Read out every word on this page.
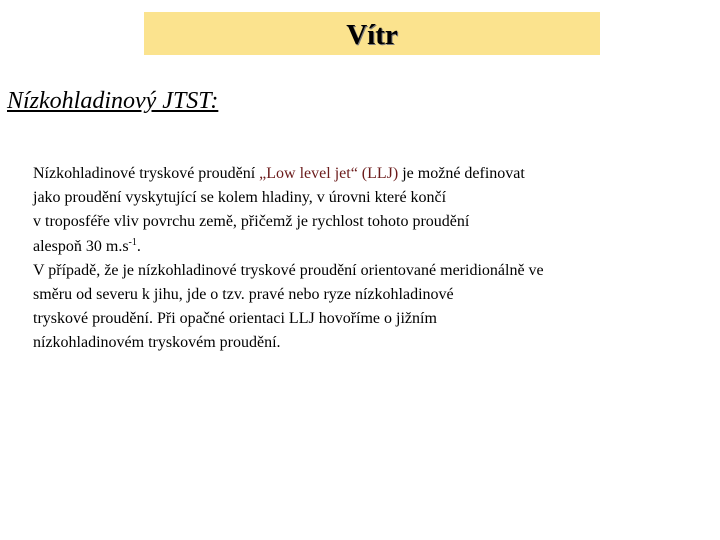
Vítr
Nízkohladinový JTST:

Nízkohladinové tryskové proudění „Low level jet“ (LLJ) je možné definovat
jako proudění vyskytující se kolem hladiny, v úrovni které končí
v troposféře vliv povrchu země, přičemž je rychlost tohoto proudění
alespoň 30 $m.s^{-1}$.

V případě, že je nízkohladinové tryskové proudění orientované meridionálně ve
směru od severu k jihu, jde o tzv. pravé nebo ryze nízkohladinové
tryskové proudění. Při opačné orientaci LLJ hovoříme o jižním
nízkohladinovém tryskovém proudění.
